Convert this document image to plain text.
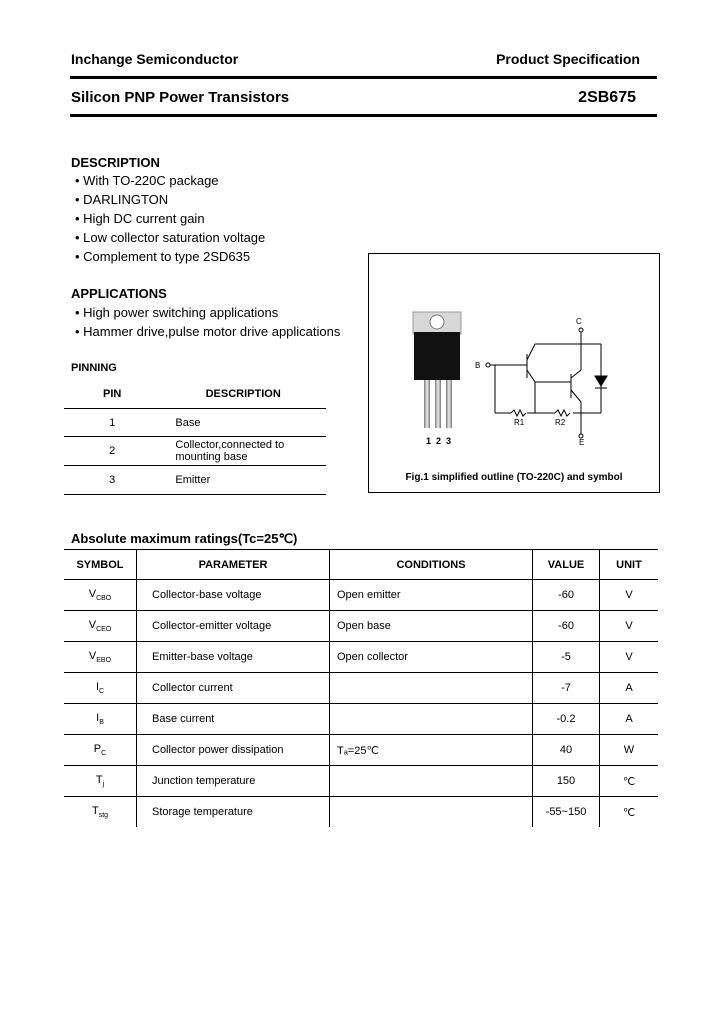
Inchange Semiconductor	Product Specification
Silicon PNP Power Transistors	2SB675
DESCRIPTION
• With TO-220C package
• DARLINGTON
• High DC current gain
• Low collector saturation voltage
• Complement to type 2SD635
APPLICATIONS
• High power switching applications
• Hammer drive,pulse motor drive applications
PINNING
PIN	DESCRIPTION
1	Base
2	Collector,connected to mounting base
3	Emitter
C
B
E
R1	R2
1  2  3
Fig.1 simplified outline (TO-220C) and symbol
Absolute maximum ratings(Tc=25℃)
SYMBOL	PARAMETER	CONDITIONS	VALUE	UNIT
$V_{CBO}$	Collector-base voltage	Open emitter	-60	V
$V_{CEO}$	Collector-emitter voltage	Open base	-60	V
$V_{EBO}$	Emitter-base voltage	Open collector	-5	V
$I_C$	Collector current		-7	A
$I_B$	Base current		-0.2	A
$P_C$	Collector power dissipation	Tₐ=25℃	40	W
$T_j$	Junction temperature		150	℃
$T_{stg}$	Storage temperature		-55~150	℃
